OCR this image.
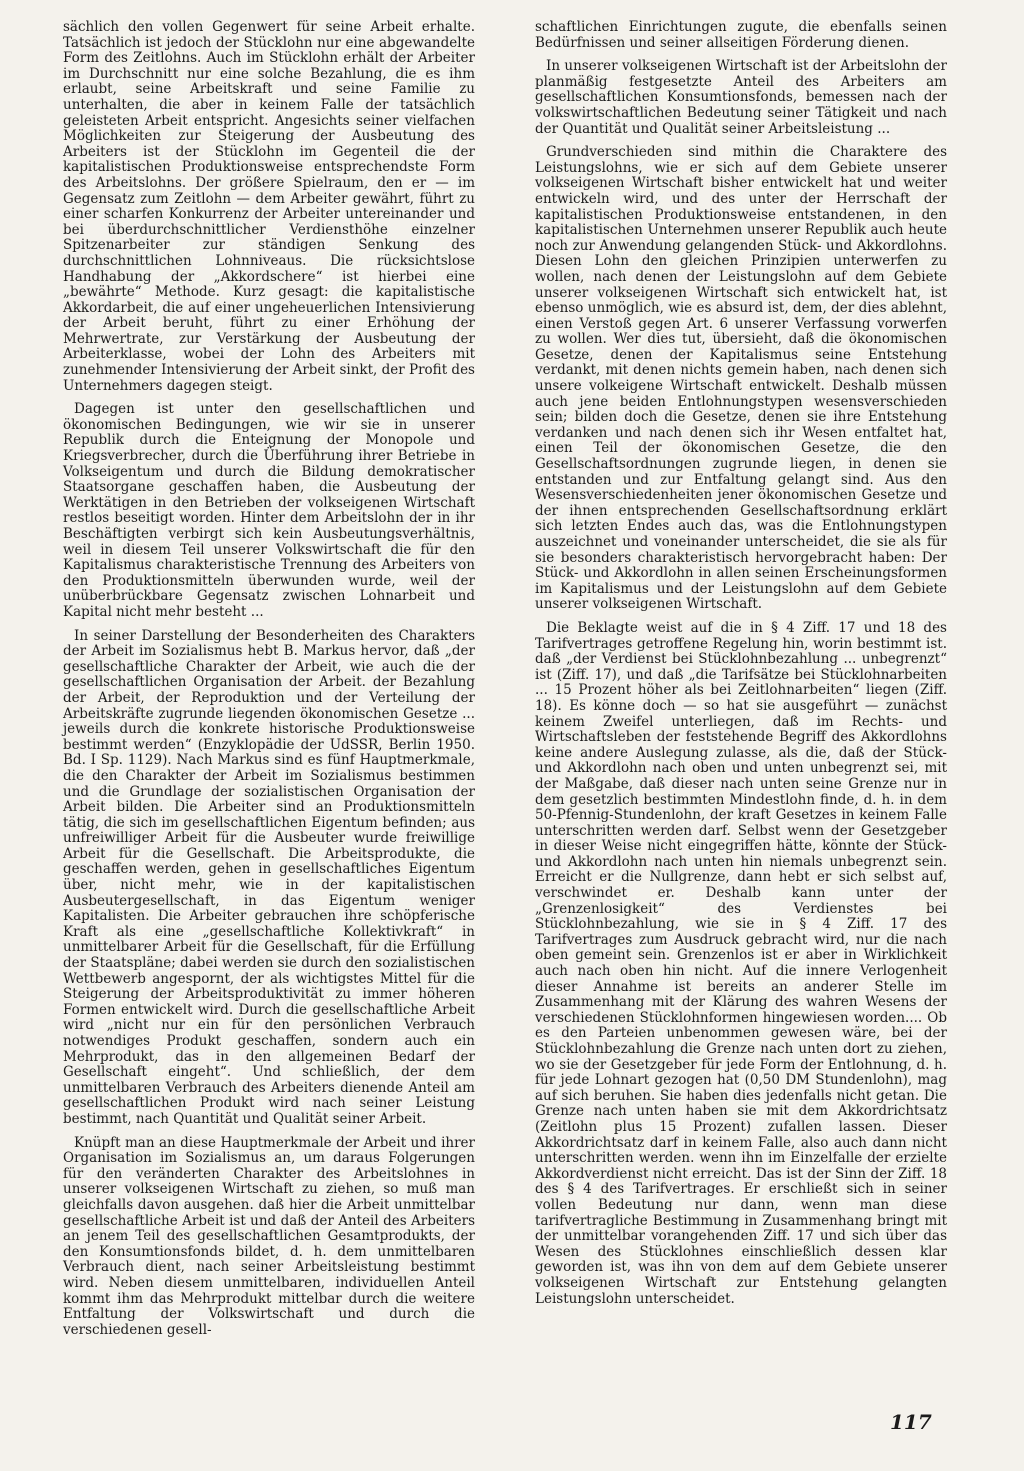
sächlich den vollen Gegenwert für seine Arbeit erhalte. Tatsächlich ist jedoch der Stücklohn nur eine abgewandelte Form des Zeitlohns. Auch im Stücklohn erhält der Arbeiter im Durchschnitt nur eine solche Bezahlung, die es ihm erlaubt, seine Arbeitskraft und seine Familie zu unterhalten, die aber in keinem Falle der tatsächlich geleisteten Arbeit entspricht. Angesichts seiner vielfachen Möglichkeiten zur Steigerung der Ausbeutung des Arbeiters ist der Stücklohn im Gegenteil die der kapitalistischen Produktionsweise entsprechendste Form des Arbeitslohns. Der größere Spielraum, den er — im Gegensatz zum Zeitlohn — dem Arbeiter gewährt, führt zu einer scharfen Konkurrenz der Arbeiter untereinander und bei überdurchschnittlicher Verdiensthöhe einzelner Spitzenarbeiter zur ständigen Senkung des durchschnittlichen Lohnniveaus. Die rücksichtslose Handhabung der „Akkordschere“ ist hierbei eine „bewährte“ Methode. Kurz gesagt: die kapitalistische Akkordarbeit, die auf einer ungeheuerlichen Intensivierung der Arbeit beruht, führt zu einer Erhöhung der Mehrwertrate, zur Verstärkung der Ausbeutung der Arbeiterklasse, wobei der Lohn des Arbeiters mit zunehmender Intensivierung der Arbeit sinkt, der Profit des Unternehmers dagegen steigt.

Dagegen ist unter den gesellschaftlichen und ökonomischen Bedingungen, wie wir sie in unserer Republik durch die Enteignung der Monopole und Kriegsverbrecher, durch die Überführung ihrer Betriebe in Volkseigentum und durch die Bildung demokratischer Staatsorgane geschaffen haben, die Ausbeutung der Werktätigen in den Betrieben der volkseigenen Wirtschaft restlos beseitigt worden. Hinter dem Arbeitslohn der in ihr Beschäftigten verbirgt sich kein Ausbeutungsverhältnis, weil in diesem Teil unserer Volkswirtschaft die für den Kapitalismus charakteristische Trennung des Arbeiters von den Produktionsmitteln überwunden wurde, weil der unüberbrückbare Gegensatz zwischen Lohnarbeit und Kapital nicht mehr besteht ...

In seiner Darstellung der Besonderheiten des Charakters der Arbeit im Sozialismus hebt B. Markus hervor, daß „der gesellschaftliche Charakter der Arbeit, wie auch die der gesellschaftlichen Organisation der Arbeit. der Bezahlung der Arbeit, der Reproduktion und der Verteilung der Arbeitskräfte zugrunde liegenden ökonomischen Gesetze ... jeweils durch die konkrete historische Produktionsweise bestimmt werden“ (Enzyklopädie der UdSSR, Berlin 1950. Bd. I Sp. 1129). Nach Markus sind es fünf Hauptmerkmale, die den Charakter der Arbeit im Sozialismus bestimmen und die Grundlage der sozialistischen Organisation der Arbeit bilden. Die Arbeiter sind an Produktionsmitteln tätig, die sich im gesellschaftlichen Eigentum befinden; aus unfreiwilliger Arbeit für die Ausbeuter wurde freiwillige Arbeit für die Gesellschaft. Die Arbeitsprodukte, die geschaffen werden, gehen in gesellschaftliches Eigentum über, nicht mehr, wie in der kapitalistischen Ausbeutergesellschaft, in das Eigentum weniger Kapitalisten. Die Arbeiter gebrauchen ihre schöpferische Kraft als eine „gesellschaftliche Kollektivkraft“ in unmittelbarer Arbeit für die Gesellschaft, für die Erfüllung der Staatspläne; dabei werden sie durch den sozialistischen Wettbewerb angespornt, der als wichtigstes Mittel für die Steigerung der Arbeitsproduktivität zu immer höheren Formen entwickelt wird. Durch die gesellschaftliche Arbeit wird „nicht nur ein für den persönlichen Verbrauch notwendiges Produkt geschaffen, sondern auch ein Mehrprodukt, das in den allgemeinen Bedarf der Gesellschaft eingeht“. Und schließlich, der dem unmittelbaren Verbrauch des Arbeiters dienende Anteil am gesellschaftlichen Produkt wird nach seiner Leistung bestimmt, nach Quantität und Qualität seiner Arbeit.

Knüpft man an diese Hauptmerkmale der Arbeit und ihrer Organisation im Sozialismus an, um daraus Folgerungen für den veränderten Charakter des Arbeitslohnes in unserer volkseigenen Wirtschaft zu ziehen, so muß man gleichfalls davon ausgehen. daß hier die Arbeit unmittelbar gesellschaftliche Arbeit ist und daß der Anteil des Arbeiters an jenem Teil des gesellschaftlichen Gesamtprodukts, der den Konsumtionsfonds bildet, d. h. dem unmittelbaren Verbrauch dient, nach seiner Arbeitsleistung bestimmt wird. Neben diesem unmittelbaren, individuellen Anteil kommt ihm das Mehrprodukt mittelbar durch die weitere Entfaltung der Volkswirtschaft und durch die verschiedenen gesell-

schaftlichen Einrichtungen zugute, die ebenfalls seinen Bedürfnissen und seiner allseitigen Förderung dienen.

In unserer volkseigenen Wirtschaft ist der Arbeitslohn der planmäßig festgesetzte Anteil des Arbeiters am gesellschaftlichen Konsumtionsfonds, bemessen nach der volkswirtschaftlichen Bedeutung seiner Tätigkeit und nach der Quantität und Qualität seiner Arbeitsleistung ...

Grundverschieden sind mithin die Charaktere des Leistungslohns, wie er sich auf dem Gebiete unserer volkseigenen Wirtschaft bisher entwickelt hat und weiter entwickeln wird, und des unter der Herrschaft der kapitalistischen Produktionsweise entstandenen, in den kapitalistischen Unternehmen unserer Republik auch heute noch zur Anwendung gelangenden Stück- und Akkordlohns. Diesen Lohn den gleichen Prinzipien unterwerfen zu wollen, nach denen der Leistungslohn auf dem Gebiete unserer volkseigenen Wirtschaft sich entwickelt hat, ist ebenso unmöglich, wie es absurd ist, dem, der dies ablehnt, einen Verstoß gegen Art. 6 unserer Verfassung vorwerfen zu wollen. Wer dies tut, übersieht, daß die ökonomischen Gesetze, denen der Kapitalismus seine Entstehung verdankt, mit denen nichts gemein haben, nach denen sich unsere volkeigene Wirtschaft entwickelt. Deshalb müssen auch jene beiden Entlohnungstypen wesensverschieden sein; bilden doch die Gesetze, denen sie ihre Entstehung verdanken und nach denen sich ihr Wesen entfaltet hat, einen Teil der ökonomischen Gesetze, die den Gesellschaftsordnungen zugrunde liegen, in denen sie entstanden und zur Entfaltung gelangt sind. Aus den Wesensverschiedenheiten jener ökonomischen Gesetze und der ihnen entsprechenden Gesellschaftsordnung erklärt sich letzten Endes auch das, was die Entlohnungstypen auszeichnet und voneinander unterscheidet, die sie als für sie besonders charakteristisch hervorgebracht haben: Der Stück- und Akkordlohn in allen seinen Erscheinungsformen im Kapitalismus und der Leistungslohn auf dem Gebiete unserer volkseigenen Wirtschaft.

Die Beklagte weist auf die in § 4 Ziff. 17 und 18 des Tarifvertrages getroffene Regelung hin, worin bestimmt ist. daß „der Verdienst bei Stücklohnbezahlung ... unbegrenzt“ ist (Ziff. 17), und daß „die Tarifsätze bei Stücklohnarbeiten ... 15 Prozent höher als bei Zeitlohnarbeiten“ liegen (Ziff. 18). Es könne doch — so hat sie ausgeführt — zunächst keinem Zweifel unterliegen, daß im Rechts- und Wirtschaftsleben der feststehende Begriff des Akkordlohns keine andere Auslegung zulasse, als die, daß der Stück- und Akkordlohn nach oben und unten unbegrenzt sei, mit der Maßgabe, daß dieser nach unten seine Grenze nur in dem gesetzlich bestimmten Mindestlohn finde, d. h. in dem 50-Pfennig-Stundenlohn, der kraft Gesetzes in keinem Falle unterschritten werden darf. Selbst wenn der Gesetzgeber in dieser Weise nicht eingegriffen hätte, könnte der Stück- und Akkordlohn nach unten hin niemals unbegrenzt sein. Erreicht er die Nullgrenze, dann hebt er sich selbst auf, verschwindet er. Deshalb kann unter der „Grenzenlosigkeit“ des Verdienstes bei Stücklohnbezahlung, wie sie in § 4 Ziff. 17 des Tarifvertrages zum Ausdruck gebracht wird, nur die nach oben gemeint sein. Grenzenlos ist er aber in Wirklichkeit auch nach oben hin nicht. Auf die innere Verlogenheit dieser Annahme ist bereits an anderer Stelle im Zusammenhang mit der Klärung des wahren Wesens der verschiedenen Stücklohnformen hingewiesen worden.... Ob es den Parteien unbenommen gewesen wäre, bei der Stücklohnbezahlung die Grenze nach unten dort zu ziehen, wo sie der Gesetzgeber für jede Form der Entlohnung, d. h. für jede Lohnart gezogen hat (0,50 DM Stundenlohn), mag auf sich beruhen. Sie haben dies jedenfalls nicht getan. Die Grenze nach unten haben sie mit dem Akkordrichtsatz (Zeitlohn plus 15 Prozent) zufallen lassen. Dieser Akkordrichtsatz darf in keinem Falle, also auch dann nicht unterschritten werden. wenn ihn im Einzelfalle der erzielte Akkordverdienst nicht erreicht. Das ist der Sinn der Ziff. 18 des § 4 des Tarifvertrages. Er erschließt sich in seiner vollen Bedeutung nur dann, wenn man diese tarifvertragliche Bestimmung in Zusammenhang bringt mit der unmittelbar vorangehenden Ziff. 17 und sich über das Wesen des Stücklohnes einschließlich dessen klar geworden ist, was ihn von dem auf dem Gebiete unserer volkseigenen Wirtschaft zur Entstehung gelangten Leistungslohn unterscheidet.

117
